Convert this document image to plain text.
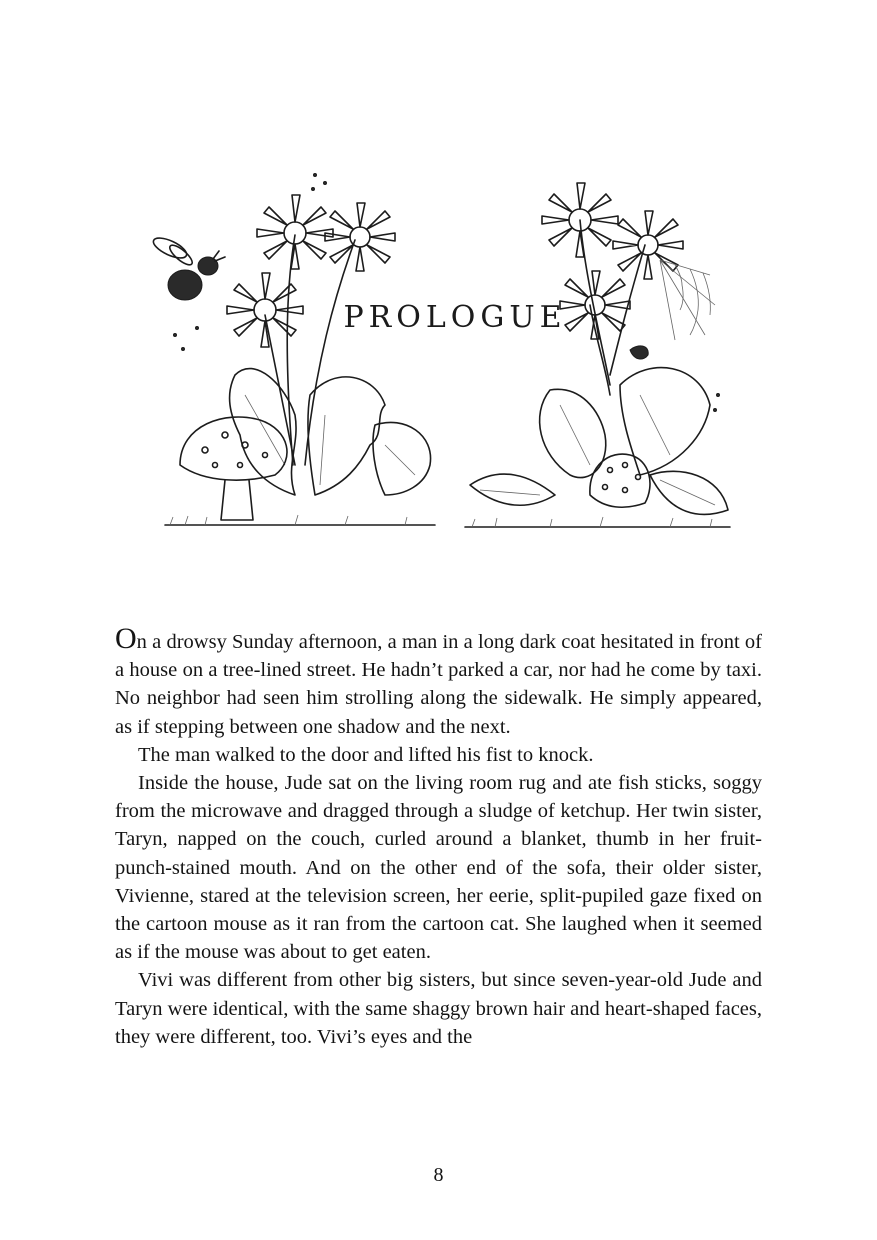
PROLOGUE

On a drowsy Sunday afternoon, a man in a long dark coat hesitated in front of a house on a tree-lined street. He hadn’t parked a car, nor had he come by taxi. No neighbor had seen him strolling along the sidewalk. He simply appeared, as if stepping between one shadow and the next.

The man walked to the door and lifted his fist to knock.

Inside the house, Jude sat on the living room rug and ate fish sticks, soggy from the microwave and dragged through a sludge of ketchup. Her twin sister, Taryn, napped on the couch, curled around a blanket, thumb in her fruit-punch-stained mouth. And on the other end of the sofa, their older sister, Vivienne, stared at the television screen, her eerie, split-pupiled gaze fixed on the cartoon mouse as it ran from the cartoon cat. She laughed when it seemed as if the mouse was about to get eaten.

Vivi was different from other big sisters, but since seven-year-old Jude and Taryn were identical, with the same shaggy brown hair and heart-shaped faces, they were different, too. Vivi’s eyes and the

8
